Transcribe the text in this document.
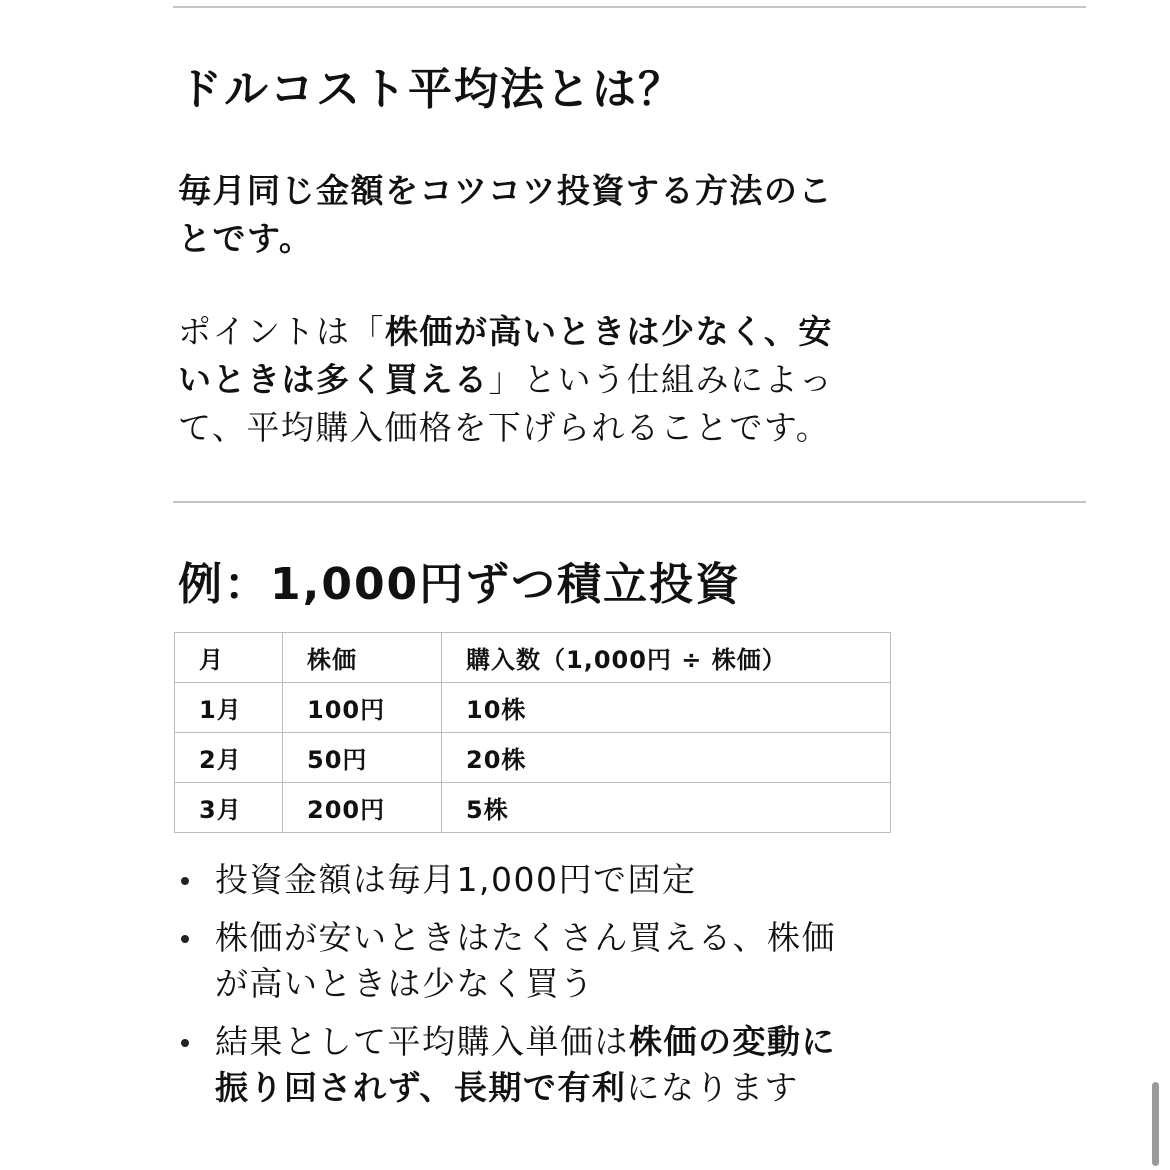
ドルコスト平均法とは？

毎月同じ金額をコツコツ投資する方法のこ
とです。

ポイントは「株価が高いときは少なく、安
いときは多く買える」という仕組みによっ
て、平均購入価格を下げられることです。

例：1,000円ずつ積立投資
月	株価	購入数（1,000円 ÷ 株価）
1月	100円	10株
2月	50円	20株
3月	200円	5株
投資金額は毎月1,000円で固定
株価が安いときはたくさん買える、株価
が高いときは少なく買う
結果として平均購入単価は株価の変動に
振り回されず、長期で有利になります
